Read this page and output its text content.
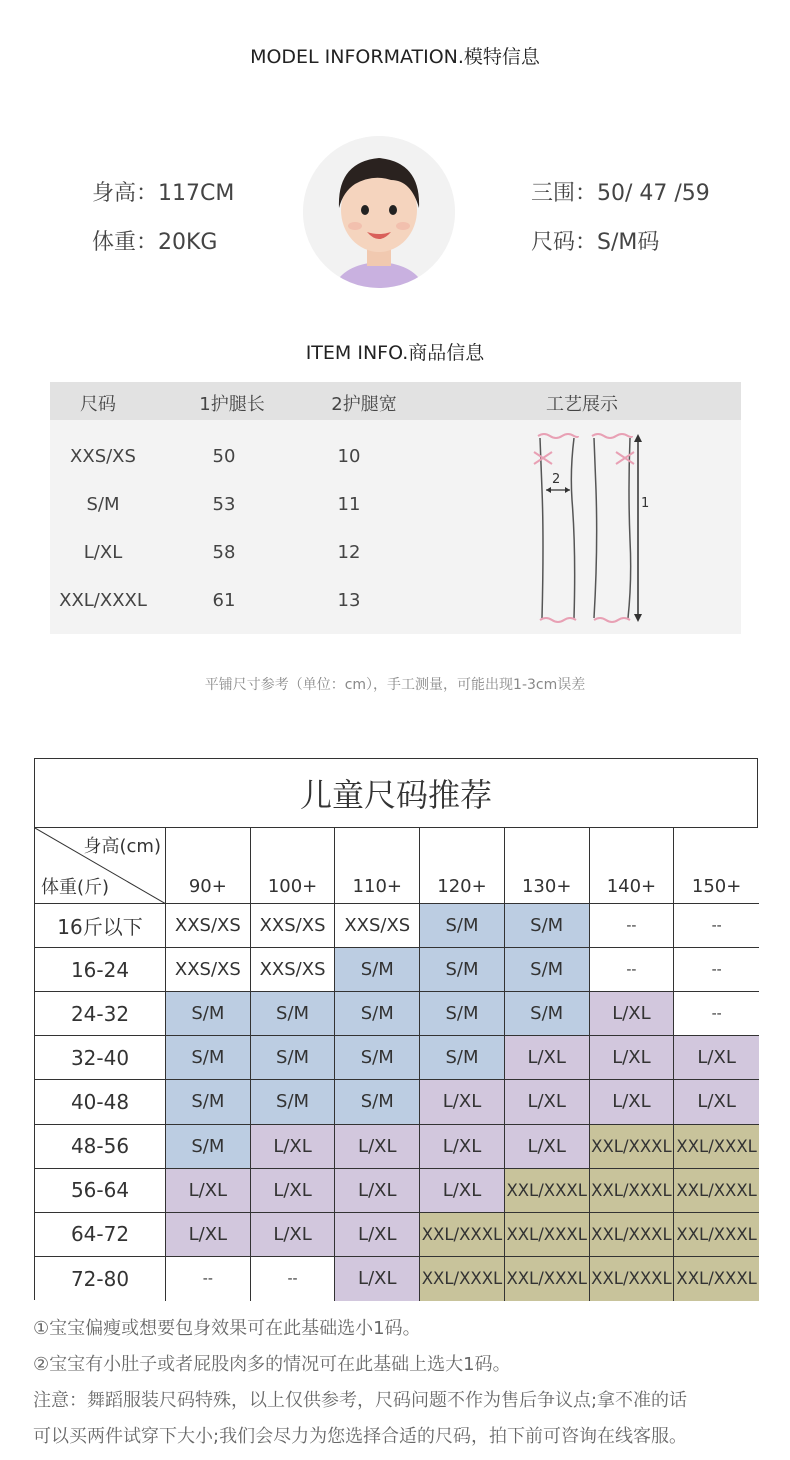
MODEL INFORMATION.模特信息
身高：117CM
体重：20KG
三围：50/ 47 /59
尺码：S/M码
ITEM INFO.商品信息
尺码	1护腿长	2护腿宽	工艺展示
XXS/XS	50	10
S/M	53	11
L/XL	58	12
XXL/XXXL	61	13
2
1
平铺尺寸参考（单位：cm），手工测量，可能出现1-3cm误差
儿童尺码推荐
身高(cm)
体重(斤)	90+	100+	110+	120+	130+	140+	150+
16斤以下	XXS/XS	XXS/XS	XXS/XS	S/M	S/M	--	--
16-24	XXS/XS	XXS/XS	S/M	S/M	S/M	--	--
24-32	S/M	S/M	S/M	S/M	S/M	L/XL	--
32-40	S/M	S/M	S/M	S/M	L/XL	L/XL	L/XL
40-48	S/M	S/M	S/M	L/XL	L/XL	L/XL	L/XL
48-56	S/M	L/XL	L/XL	L/XL	L/XL	XXL/XXXL XXL/XXXL
56-64	L/XL	L/XL	L/XL	L/XL	XXL/XXXL XXL/XXXL XXL/XXXL
64-72	L/XL	L/XL	L/XL	XXL/XXXL XXL/XXXL XXL/XXXL XXL/XXXL
72-80	--	--	L/XL	XXL/XXXL XXL/XXXL XXL/XXXL XXL/XXXL
①宝宝偏瘦或想要包身效果可在此基础选小1码。
②宝宝有小肚子或者屁股肉多的情况可在此基础上选大1码。
注意：舞蹈服装尺码特殊，以上仅供参考，尺码问题不作为售后争议点;拿不准的话
可以买两件试穿下大小;我们会尽力为您选择合适的尺码，拍下前可咨询在线客服。
